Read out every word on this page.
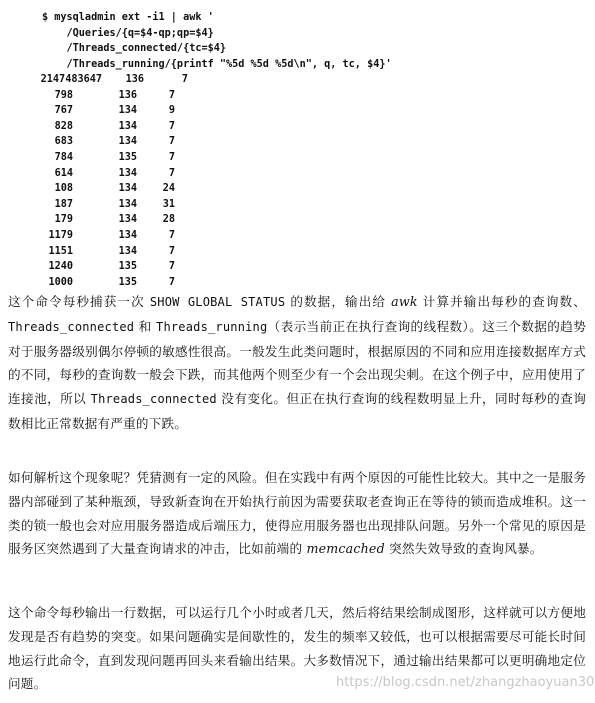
$ mysqladmin ext -i1 | awk '
/Queries/{q=$4-qp;qp=$4}
/Threads_connected/{tc=$4}
/Threads_running/{printf "%5d %5d %5d\n", q, tc, $4}'
2147483647	136	7
798	136	7
767	134	9
828	134	7
683	134	7
784	135	7
614	134	7
108	134	24
187	134	31
179	134	28
1179	134	7
1151	134	7
1240	135	7
1000	135	7

这个命令每秒捕获一次 SHOW GLOBAL STATUS 的数据，输出给 awk 计算并输出每秒的查询数、Threads_connected 和 Threads_running（表示当前正在执行查询的线程数）。这三个数据的趋势对于服务器级别偶尔停顿的敏感性很高。一般发生此类问题时，根据原因的不同和应用连接数据库方式的不同，每秒的查询数一般会下跌，而其他两个则至少有一个会出现尖刺。在这个例子中，应用使用了连接池，所以 Threads_connected 没有变化。但正在执行查询的线程数明显上升，同时每秒的查询数相比正常数据有严重的下跌。

如何解析这个现象呢？凭猜测有一定的风险。但在实践中有两个原因的可能性比较大。其中之一是服务器内部碰到了某种瓶颈，导致新查询在开始执行前因为需要获取老查询正在等待的锁而造成堆积。这一类的锁一般也会对应用服务器造成后端压力，使得应用服务器也出现排队问题。另外一个常见的原因是服务区突然遇到了大量查询请求的冲击，比如前端的 memcached 突然失效导致的查询风暴。

这个命令每秒输出一行数据，可以运行几个小时或者几天，然后将结果绘制成图形，这样就可以方便地发现是否有趋势的突变。如果问题确实是间歇性的，发生的频率又较低，也可以根据需要尽可能长时间地运行此命令，直到发现问题再回头来看输出结果。大多数情况下，通过输出结果都可以更明确地定位问题。	https://blog.csdn.net/zhangzhaoyuan30
